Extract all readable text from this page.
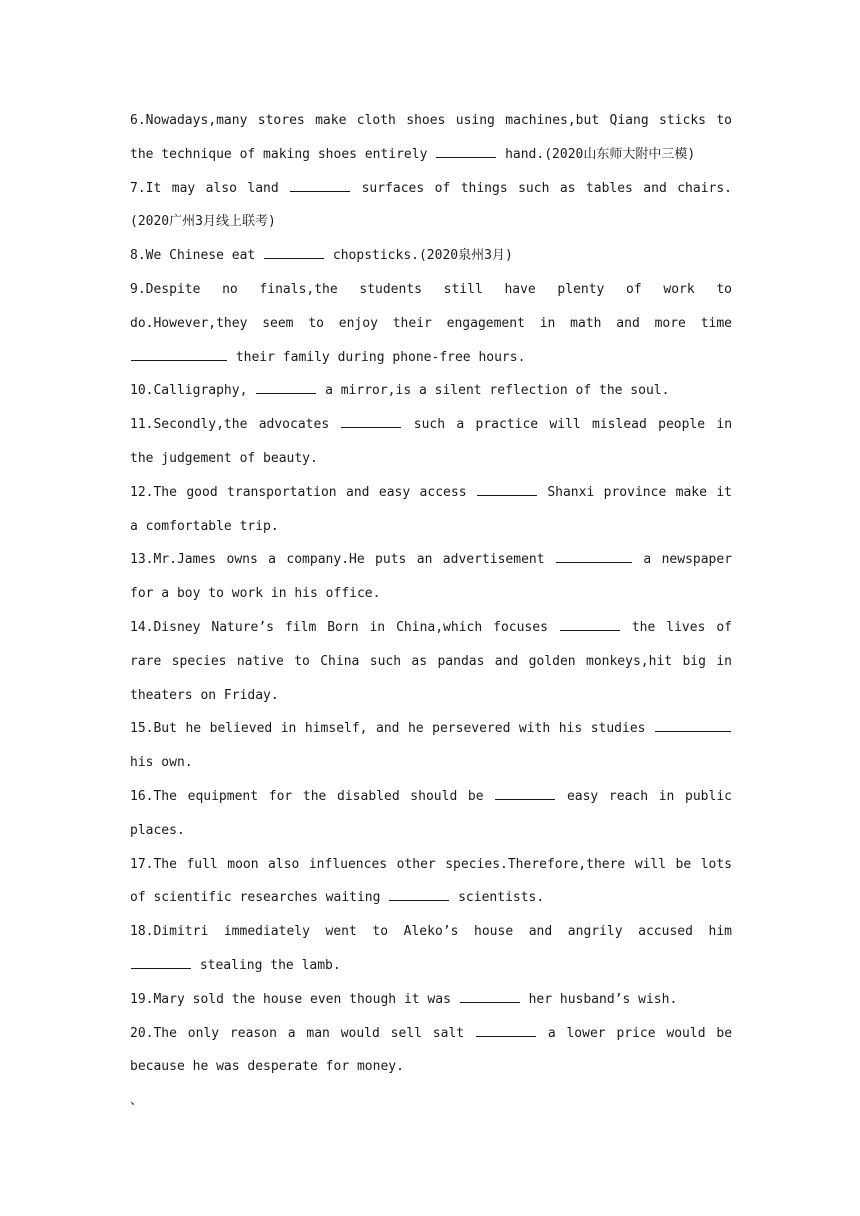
6.Nowadays,many stores make cloth shoes using machines,but Qiang sticks to the technique of making shoes entirely	hand.(2020山东师大附中三模)

7.It may also land	surfaces of things such as tables and chairs.(2020广州3月线上联考)

8.We Chinese eat	chopsticks.(2020泉州3月)

9.Despite no finals,the students still have plenty of work to do.However,they seem to enjoy their engagement in math and more time  their family during phone-free hours.

10.Calligraphy,	a mirror,is a silent reflection of the soul.

11.Secondly,the advocates	such a practice will mislead people in the judgement of beauty.

12.The good transportation and easy access	Shanxi province make it a comfortable trip.

13.Mr.James owns a company.He puts an advertisement	a newspaper for a boy to work in his office.

14.Disney Nature’s film Born in China,which focuses	the lives of rare species native to China such as pandas and golden monkeys,hit big in theaters on Friday.

15.But he believed in himself, and he persevered with his studies  his own.

16.The equipment for the disabled should be	easy reach in public places.

17.The full moon also influences other species.Therefore,there will be lots of scientific researches waiting	scientists.

18.Dimitri immediately went to Aleko’s house and angrily accused him  stealing the lamb.

19.Mary sold the house even though it was	her husband’s wish.

20.The only reason a man would sell salt	a lower price would be because he was desperate for money.

、
